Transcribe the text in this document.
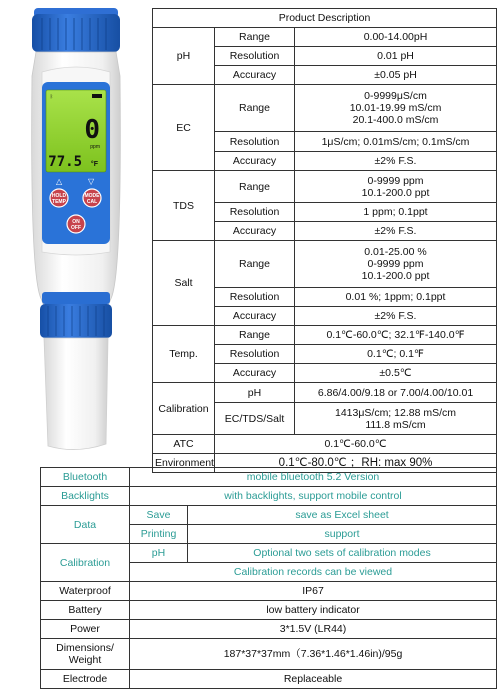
ᛒ
0
ppm
77.5 °F
△	▽
HOLD
TEMP
MODE
CAL
ON
OFF
Product Description		
pH	Range	0.00-14.00pH
	Resolution	0.01 pH
	Accuracy	±0.05 pH
EC	Range	0-9999μS/cm
10.01-19.99 mS/cm
20.1-400.0 mS/cm
	Resolution	1μS/cm; 0.01mS/cm; 0.1mS/cm
	Accuracy	±2% F.S.
TDS	Range	0-9999 ppm
10.1-200.0 ppt
	Resolution	1 ppm; 0.1ppt
	Accuracy	±2% F.S.
Salt	Range	0.01-25.00 %
0-9999 ppm
10.1-200.0 ppt
	Resolution	0.01 %; 1ppm; 0.1ppt
	Accuracy	±2% F.S.
Temp.	Range	0.1℃-60.0℃; 32.1℉-140.0℉
	Resolution	0.1℃; 0.1℉
	Accuracy	±0.5℃
Calibration	pH	6.86/4.00/9.18 or 7.00/4.00/10.01
	EC/TDS/Salt	1413μS/cm; 12.88 mS/cm
111.8 mS/cm
ATC	0.1℃-60.0℃	
Environment	0.1℃-80.0℃ ；RH: max 90%	
Bluetooth	mobile bluetooth 5.2 Version	
Backlights	with backlights, support mobile control	
Data	Save	save as Excel sheet
	Printing	support
Calibration	pH	Optional two sets of calibration modes
	Calibration records can be viewed	
Waterproof	IP67	
Battery	low battery indicator	
Power	3*1.5V (LR44)	
Dimensions/
Weight	187*37*37mm（7.36*1.46*1.46in)/95g	
Electrode	Replaceable	
